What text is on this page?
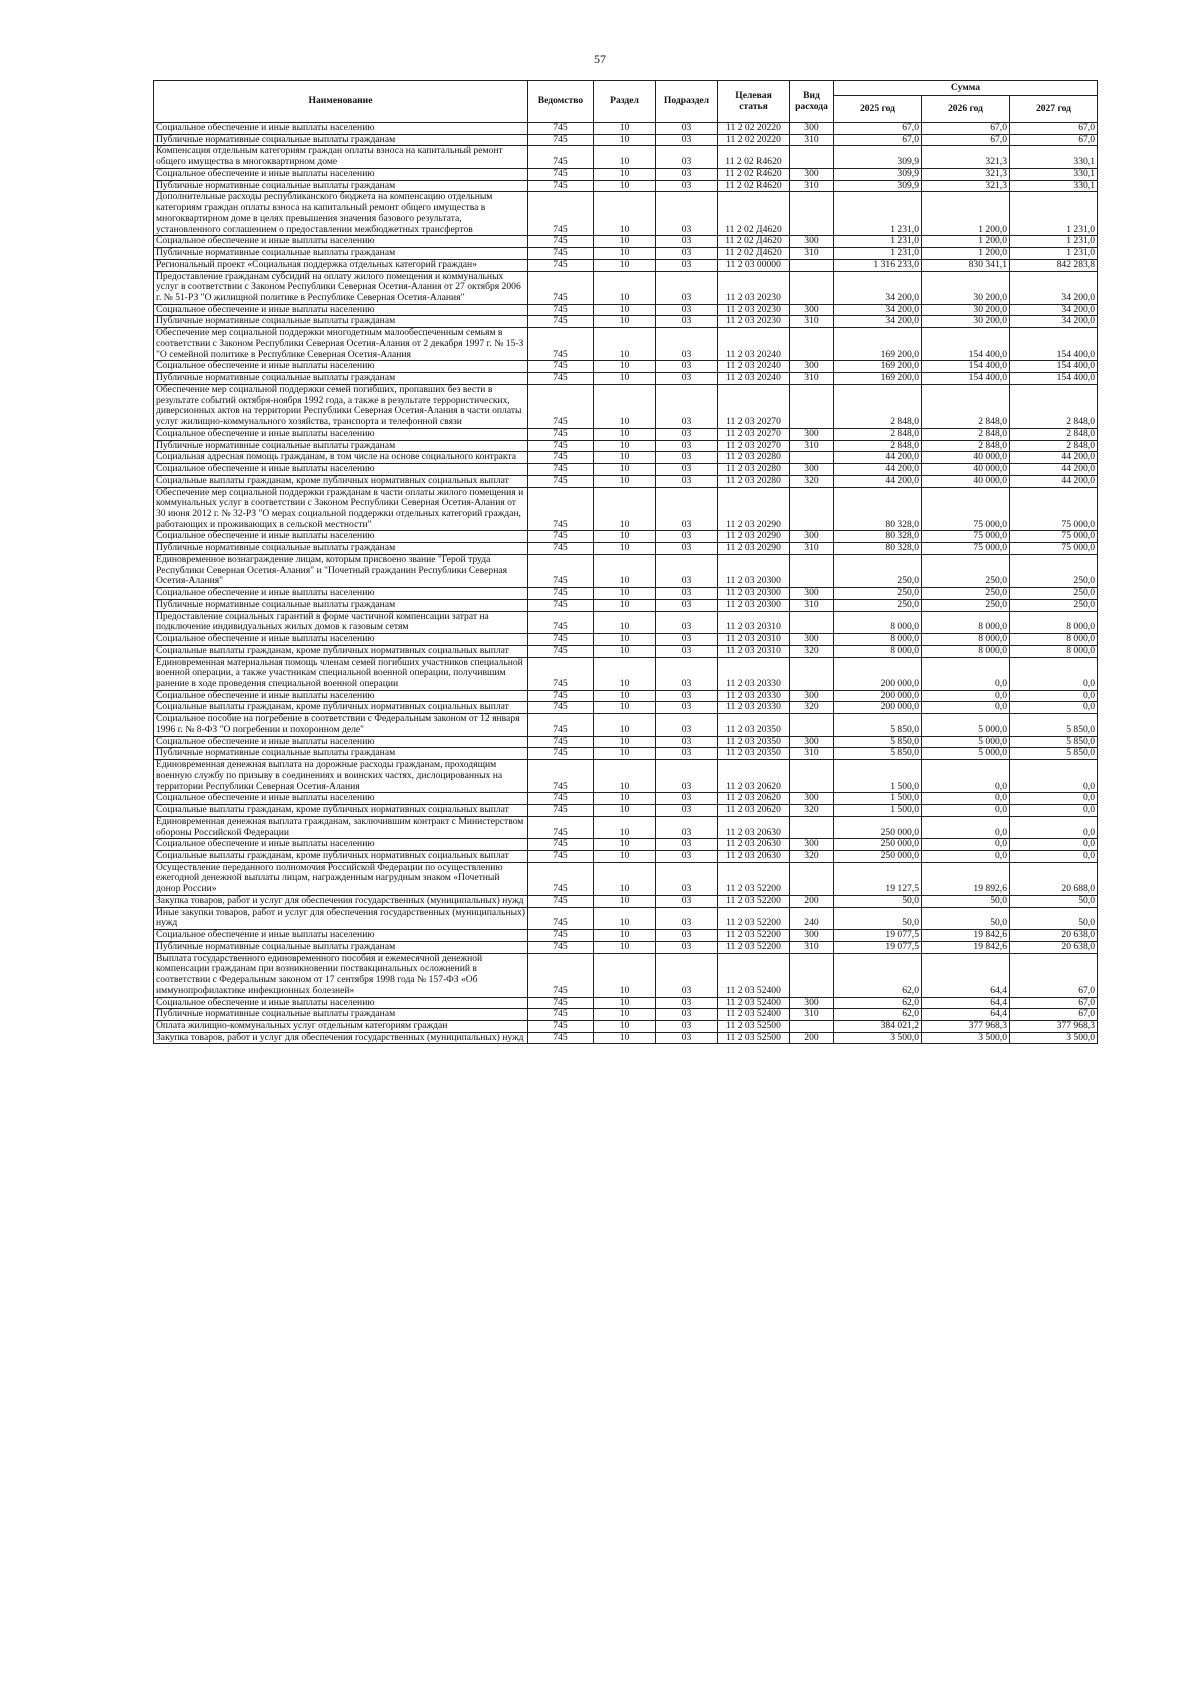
57
Наименование	Ведомство	Раздел	Подраздел	Целевая статья	Вид расхода	Сумма		
						2025 год	2026 год	2027 год
Социальное обеспечение и иные выплаты населению	745	10	03	11 2 02 20220	300	67,0	67,0	67,0
Публичные нормативные социальные выплаты гражданам	745	10	03	11 2 02 20220	310	67,0	67,0	67,0
Компенсация отдельным категориям граждан оплаты взноса на капитальный ремонт общего имущества в многоквартирном доме	745	10	03	11 2 02 R4620		309,9	321,3	330,1
Социальное обеспечение и иные выплаты населению	745	10	03	11 2 02 R4620	300	309,9	321,3	330,1
Публичные нормативные социальные выплаты гражданам	745	10	03	11 2 02 R4620	310	309,9	321,3	330,1
Дополнительные расходы республиканского бюджета на компенсацию отдельным категориям граждан оплаты взноса на капитальный ремонт общего имущества в многоквартирном доме в целях превышения значения базового результата, установленного соглашением о предоставлении межбюджетных трансфертов	745	10	03	11 2 02 Д4620		1 231,0	1 200,0	1 231,0
Социальное обеспечение и иные выплаты населению	745	10	03	11 2 02 Д4620	300	1 231,0	1 200,0	1 231,0
Публичные нормативные социальные выплаты гражданам	745	10	03	11 2 02 Д4620	310	1 231,0	1 200,0	1 231,0
Региональный проект «Социальная поддержка отдельных категорий граждан»	745	10	03	11 2 03 00000		1 316 233,0	830 341,1	842 283,8
Предоставление гражданам субсидий на оплату жилого помещения и коммунальных услуг в соответствии с Законом Республики Северная Осетия-Алания от 27 октября 2006 г. № 51-РЗ "О жилищной политике в Республике Северная Осетия-Алания"	745	10	03	11 2 03 20230		34 200,0	30 200,0	34 200,0
Социальное обеспечение и иные выплаты населению	745	10	03	11 2 03 20230	300	34 200,0	30 200,0	34 200,0
Публичные нормативные социальные выплаты гражданам	745	10	03	11 2 03 20230	310	34 200,0	30 200,0	34 200,0
Обеспечение мер социальной поддержки многодетным малообеспеченным семьям в соответствии с Законом Республики Северная Осетия-Алания от 2 декабря 1997 г. № 15-З "О семейной политике в Республике Северная Осетия-Алания	745	10	03	11 2 03 20240		169 200,0	154 400,0	154 400,0
Социальное обеспечение и иные выплаты населению	745	10	03	11 2 03 20240	300	169 200,0	154 400,0	154 400,0
Публичные нормативные социальные выплаты гражданам	745	10	03	11 2 03 20240	310	169 200,0	154 400,0	154 400,0
Обеспечение мер социальной поддержки семей погибших, пропавших без вести в результате событий октября-ноября 1992 года, а также в результате террористических, диверсионных актов на территории Республики Северная Осетия-Алания в части оплаты услуг жилищно-коммунального хозяйства, транспорта и телефонной связи	745	10	03	11 2 03 20270		2 848,0	2 848,0	2 848,0
Социальное обеспечение и иные выплаты населению	745	10	03	11 2 03 20270	300	2 848,0	2 848,0	2 848,0
Публичные нормативные социальные выплаты гражданам	745	10	03	11 2 03 20270	310	2 848,0	2 848,0	2 848,0
Социальная адресная помощь гражданам, в том числе на основе социального контракта	745	10	03	11 2 03 20280		44 200,0	40 000,0	44 200,0
Социальное обеспечение и иные выплаты населению	745	10	03	11 2 03 20280	300	44 200,0	40 000,0	44 200,0
Социальные выплаты гражданам, кроме публичных нормативных социальных выплат	745	10	03	11 2 03 20280	320	44 200,0	40 000,0	44 200,0
Обеспечение мер социальной поддержки гражданам в части оплаты жилого помещения и коммунальных услуг в соответствии с Законом Республики Северная Осетия-Алания от 30 июня 2012 г. № 32-РЗ "О мерах социальной поддержки отдельных категорий граждан, работающих и проживающих в сельской местности"	745	10	03	11 2 03 20290		80 328,0	75 000,0	75 000,0
Социальное обеспечение и иные выплаты населению	745	10	03	11 2 03 20290	300	80 328,0	75 000,0	75 000,0
Публичные нормативные социальные выплаты гражданам	745	10	03	11 2 03 20290	310	80 328,0	75 000,0	75 000,0
Единовременное вознаграждение лицам, которым присвоено звание "Герой труда Республики Северная Осетия-Алания" и "Почетный гражданин Республики Северная Осетия-Алания"	745	10	03	11 2 03 20300		250,0	250,0	250,0
Социальное обеспечение и иные выплаты населению	745	10	03	11 2 03 20300	300	250,0	250,0	250,0
Публичные нормативные социальные выплаты гражданам	745	10	03	11 2 03 20300	310	250,0	250,0	250,0
Предоставление социальных гарантий в форме частичной компенсации затрат на подключение индивидуальных жилых домов к газовым сетям	745	10	03	11 2 03 20310		8 000,0	8 000,0	8 000,0
Социальное обеспечение и иные выплаты населению	745	10	03	11 2 03 20310	300	8 000,0	8 000,0	8 000,0
Социальные выплаты гражданам, кроме публичных нормативных социальных выплат	745	10	03	11 2 03 20310	320	8 000,0	8 000,0	8 000,0
Единовременная материальная помощь членам семей погибших участников специальной военной операции, а также участникам специальной военной операции, получившим ранение в ходе проведения специальной военной операции	745	10	03	11 2 03 20330		200 000,0	0,0	0,0
Социальное обеспечение и иные выплаты населению	745	10	03	11 2 03 20330	300	200 000,0	0,0	0,0
Социальные выплаты гражданам, кроме публичных нормативных социальных выплат	745	10	03	11 2 03 20330	320	200 000,0	0,0	0,0
Социальное пособие на погребение в соответствии с Федеральным законом от 12 января 1996 г. № 8-ФЗ "О погребении и похоронном деле"	745	10	03	11 2 03 20350		5 850,0	5 000,0	5 850,0
Социальное обеспечение и иные выплаты населению	745	10	03	11 2 03 20350	300	5 850,0	5 000,0	5 850,0
Публичные нормативные социальные выплаты гражданам	745	10	03	11 2 03 20350	310	5 850,0	5 000,0	5 850,0
Единовременная денежная выплата на дорожные расходы гражданам, проходящим военную службу по призыву в соединениях и воинских частях, дислоцированных на территории Республики Северная Осетия-Алания	745	10	03	11 2 03 20620		1 500,0	0,0	0,0
Социальное обеспечение и иные выплаты населению	745	10	03	11 2 03 20620	300	1 500,0	0,0	0,0
Социальные выплаты гражданам, кроме публичных нормативных социальных выплат	745	10	03	11 2 03 20620	320	1 500,0	0,0	0,0
Единовременная денежная выплата гражданам, заключившим контракт с Министерством обороны Российской Федерации	745	10	03	11 2 03 20630		250 000,0	0,0	0,0
Социальное обеспечение и иные выплаты населению	745	10	03	11 2 03 20630	300	250 000,0	0,0	0,0
Социальные выплаты гражданам, кроме публичных нормативных социальных выплат	745	10	03	11 2 03 20630	320	250 000,0	0,0	0,0
Осуществление переданного полномочия Российской Федерации по осуществлению ежегодной денежной выплаты лицам, награжденным нагрудным знаком «Почетный донор России»	745	10	03	11 2 03 52200		19 127,5	19 892,6	20 688,0
Закупка товаров, работ и услуг для обеспечения государственных (муниципальных) нужд	745	10	03	11 2 03 52200	200	50,0	50,0	50,0
Иные закупки товаров, работ и услуг для обеспечения государственных (муниципальных) нужд	745	10	03	11 2 03 52200	240	50,0	50,0	50,0
Социальное обеспечение и иные выплаты населению	745	10	03	11 2 03 52200	300	19 077,5	19 842,6	20 638,0
Публичные нормативные социальные выплаты гражданам	745	10	03	11 2 03 52200	310	19 077,5	19 842,6	20 638,0
Выплата государственного единовременного пособия и ежемесячной денежной компенсации гражданам при возникновении поствакцинальных осложнений в соответствии с Федеральным законом от 17 сентября 1998 года № 157-ФЗ «Об иммунопрофилактике инфекционных болезней»	745	10	03	11 2 03 52400		62,0	64,4	67,0
Социальное обеспечение и иные выплаты населению	745	10	03	11 2 03 52400	300	62,0	64,4	67,0
Публичные нормативные социальные выплаты гражданам	745	10	03	11 2 03 52400	310	62,0	64,4	67,0
Оплата жилищно-коммунальных услуг отдельным категориям граждан	745	10	03	11 2 03 52500		384 021,2	377 968,3	377 968,3
Закупка товаров, работ и услуг для обеспечения государственных (муниципальных) нужд	745	10	03	11 2 03 52500	200	3 500,0	3 500,0	3 500,0
